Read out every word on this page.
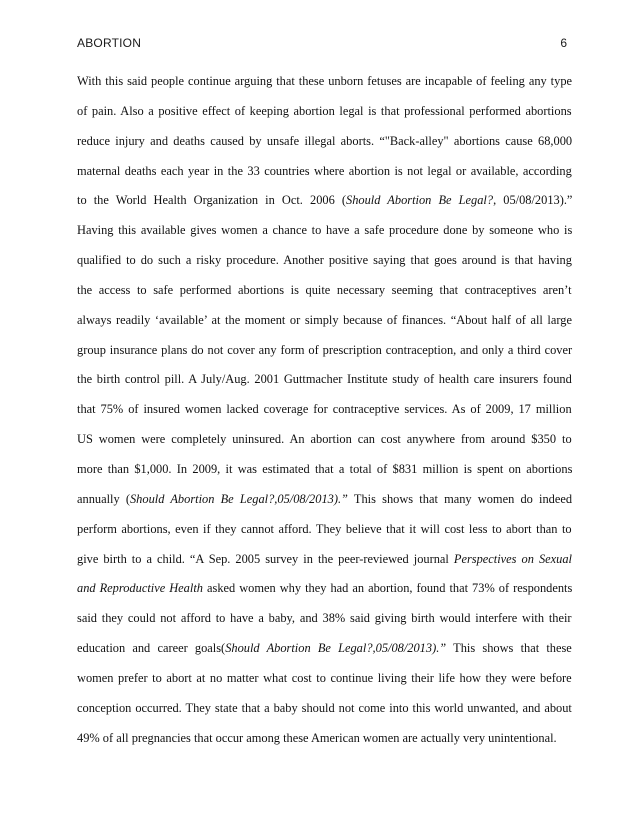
ABORTION	6
With this said people continue arguing that these unborn fetuses are incapable of feeling any type
of pain. Also a positive effect of keeping abortion legal is that professional performed abortions
reduce injury and deaths caused by unsafe illegal aborts. “"Back-alley" abortions cause 68,000
maternal deaths each year in the 33 countries where abortion is not legal or available, according
to the World Health Organization in Oct. 2006 (Should Abortion Be Legal?, 05/08/2013).”
Having this available gives women a chance to have a safe procedure done by someone who is
qualified to do such a risky procedure. Another positive saying that goes around is that having
the access to safe performed abortions is quite necessary seeming that contraceptives aren’t
always readily ‘available’ at the moment or simply because of finances. “About half of all large
group insurance plans do not cover any form of prescription contraception, and only a third cover
the birth control pill. A July/Aug. 2001 Guttmacher Institute study of health care insurers found
that 75% of insured women lacked coverage for contraceptive services. As of 2009, 17 million
US women were completely uninsured. An abortion can cost anywhere from around $350 to
more than $1,000. In 2009, it was estimated that a total of $831 million is spent on abortions
annually (Should Abortion Be Legal?,05/08/2013).” This shows that many women do indeed
perform abortions, even if they cannot afford. They believe that it will cost less to abort than to
give birth to a child. “A Sep. 2005 survey in the peer-reviewed journal Perspectives on Sexual
and Reproductive Health asked women why they had an abortion, found that 73% of respondents
said they could not afford to have a baby, and 38% said giving birth would interfere with their
education and career goals(Should Abortion Be Legal?,05/08/2013).” This shows that these
women prefer to abort at no matter what cost to continue living their life how they were before
conception occurred. They state that a baby should not come into this world unwanted, and about
49% of all pregnancies that occur among these American women are actually very unintentional.
